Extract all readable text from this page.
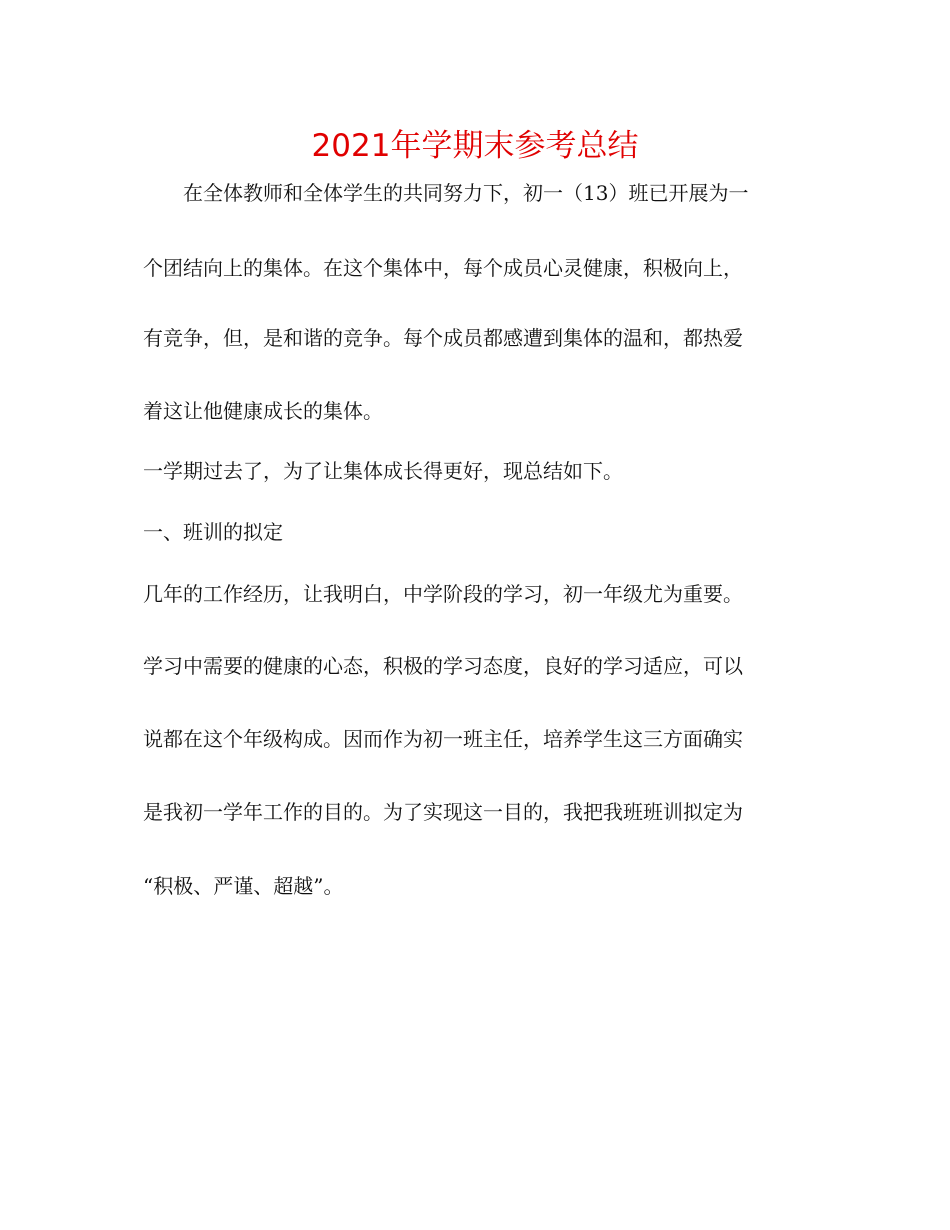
2021年学期末参考总结

　　在全体教师和全体学生的共同努力下，初一（13）班已开展为一

个团结向上的集体。在这个集体中，每个成员心灵健康，积极向上，

有竞争，但，是和谐的竞争。每个成员都感遭到集体的温和，都热爱

着这让他健康成长的集体。

一学期过去了，为了让集体成长得更好，现总结如下。

一、班训的拟定

几年的工作经历，让我明白，中学阶段的学习，初一年级尤为重要。

学习中需要的健康的心态，积极的学习态度，良好的学习适应，可以

说都在这个年级构成。因而作为初一班主任，培养学生这三方面确实

是我初一学年工作的目的。为了实现这一目的，我把我班班训拟定为

“积极、严谨、超越”。
